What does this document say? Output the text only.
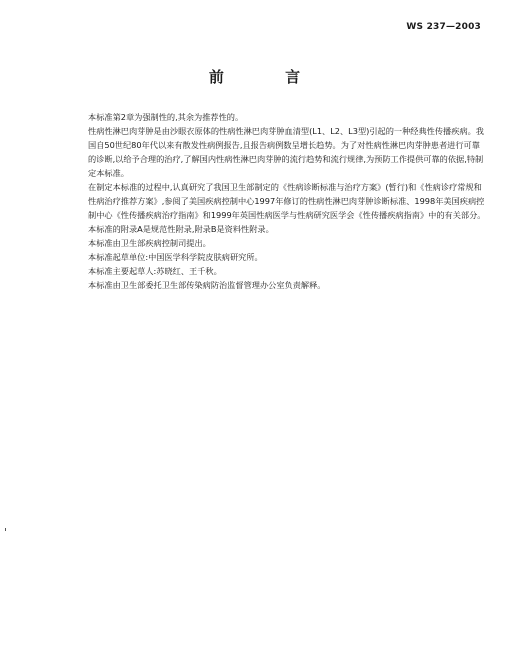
WS 237—2003
前 言

本标准第2章为强制性的,其余为推荐性的。

性病性淋巴肉芽肿是由沙眼衣原体的性病性淋巴肉芽肿血清型(L1、L2、L3型)引起的一种经典性传播疾病。我国自50世纪80年代以来有散发性病例报告,且报告病例数呈增长趋势。为了对性病性淋巴肉芽肿患者进行可靠的诊断,以给予合理的治疗,了解国内性病性淋巴肉芽肿的流行趋势和流行规律,为预防工作提供可靠的依据,特制定本标准。

在制定本标准的过程中,认真研究了我国卫生部制定的《性病诊断标准与治疗方案》(暂行)和《性病诊疗常规和性病治疗推荐方案》,参阅了美国疾病控制中心1997年修订的性病性淋巴肉芽肿诊断标准、1998年美国疾病控制中心《性传播疾病治疗指南》和1999年英国性病医学与性病研究医学会《性传播疾病指南》中的有关部分。

本标准的附录A是规范性附录,附录B是资料性附录。

本标准由卫生部疾病控制司提出。

本标准起草单位:中国医学科学院皮肤病研究所。

本标准主要起草人:苏晓红、王千秋。

本标准由卫生部委托卫生部传染病防治监督管理办公室负责解释。
